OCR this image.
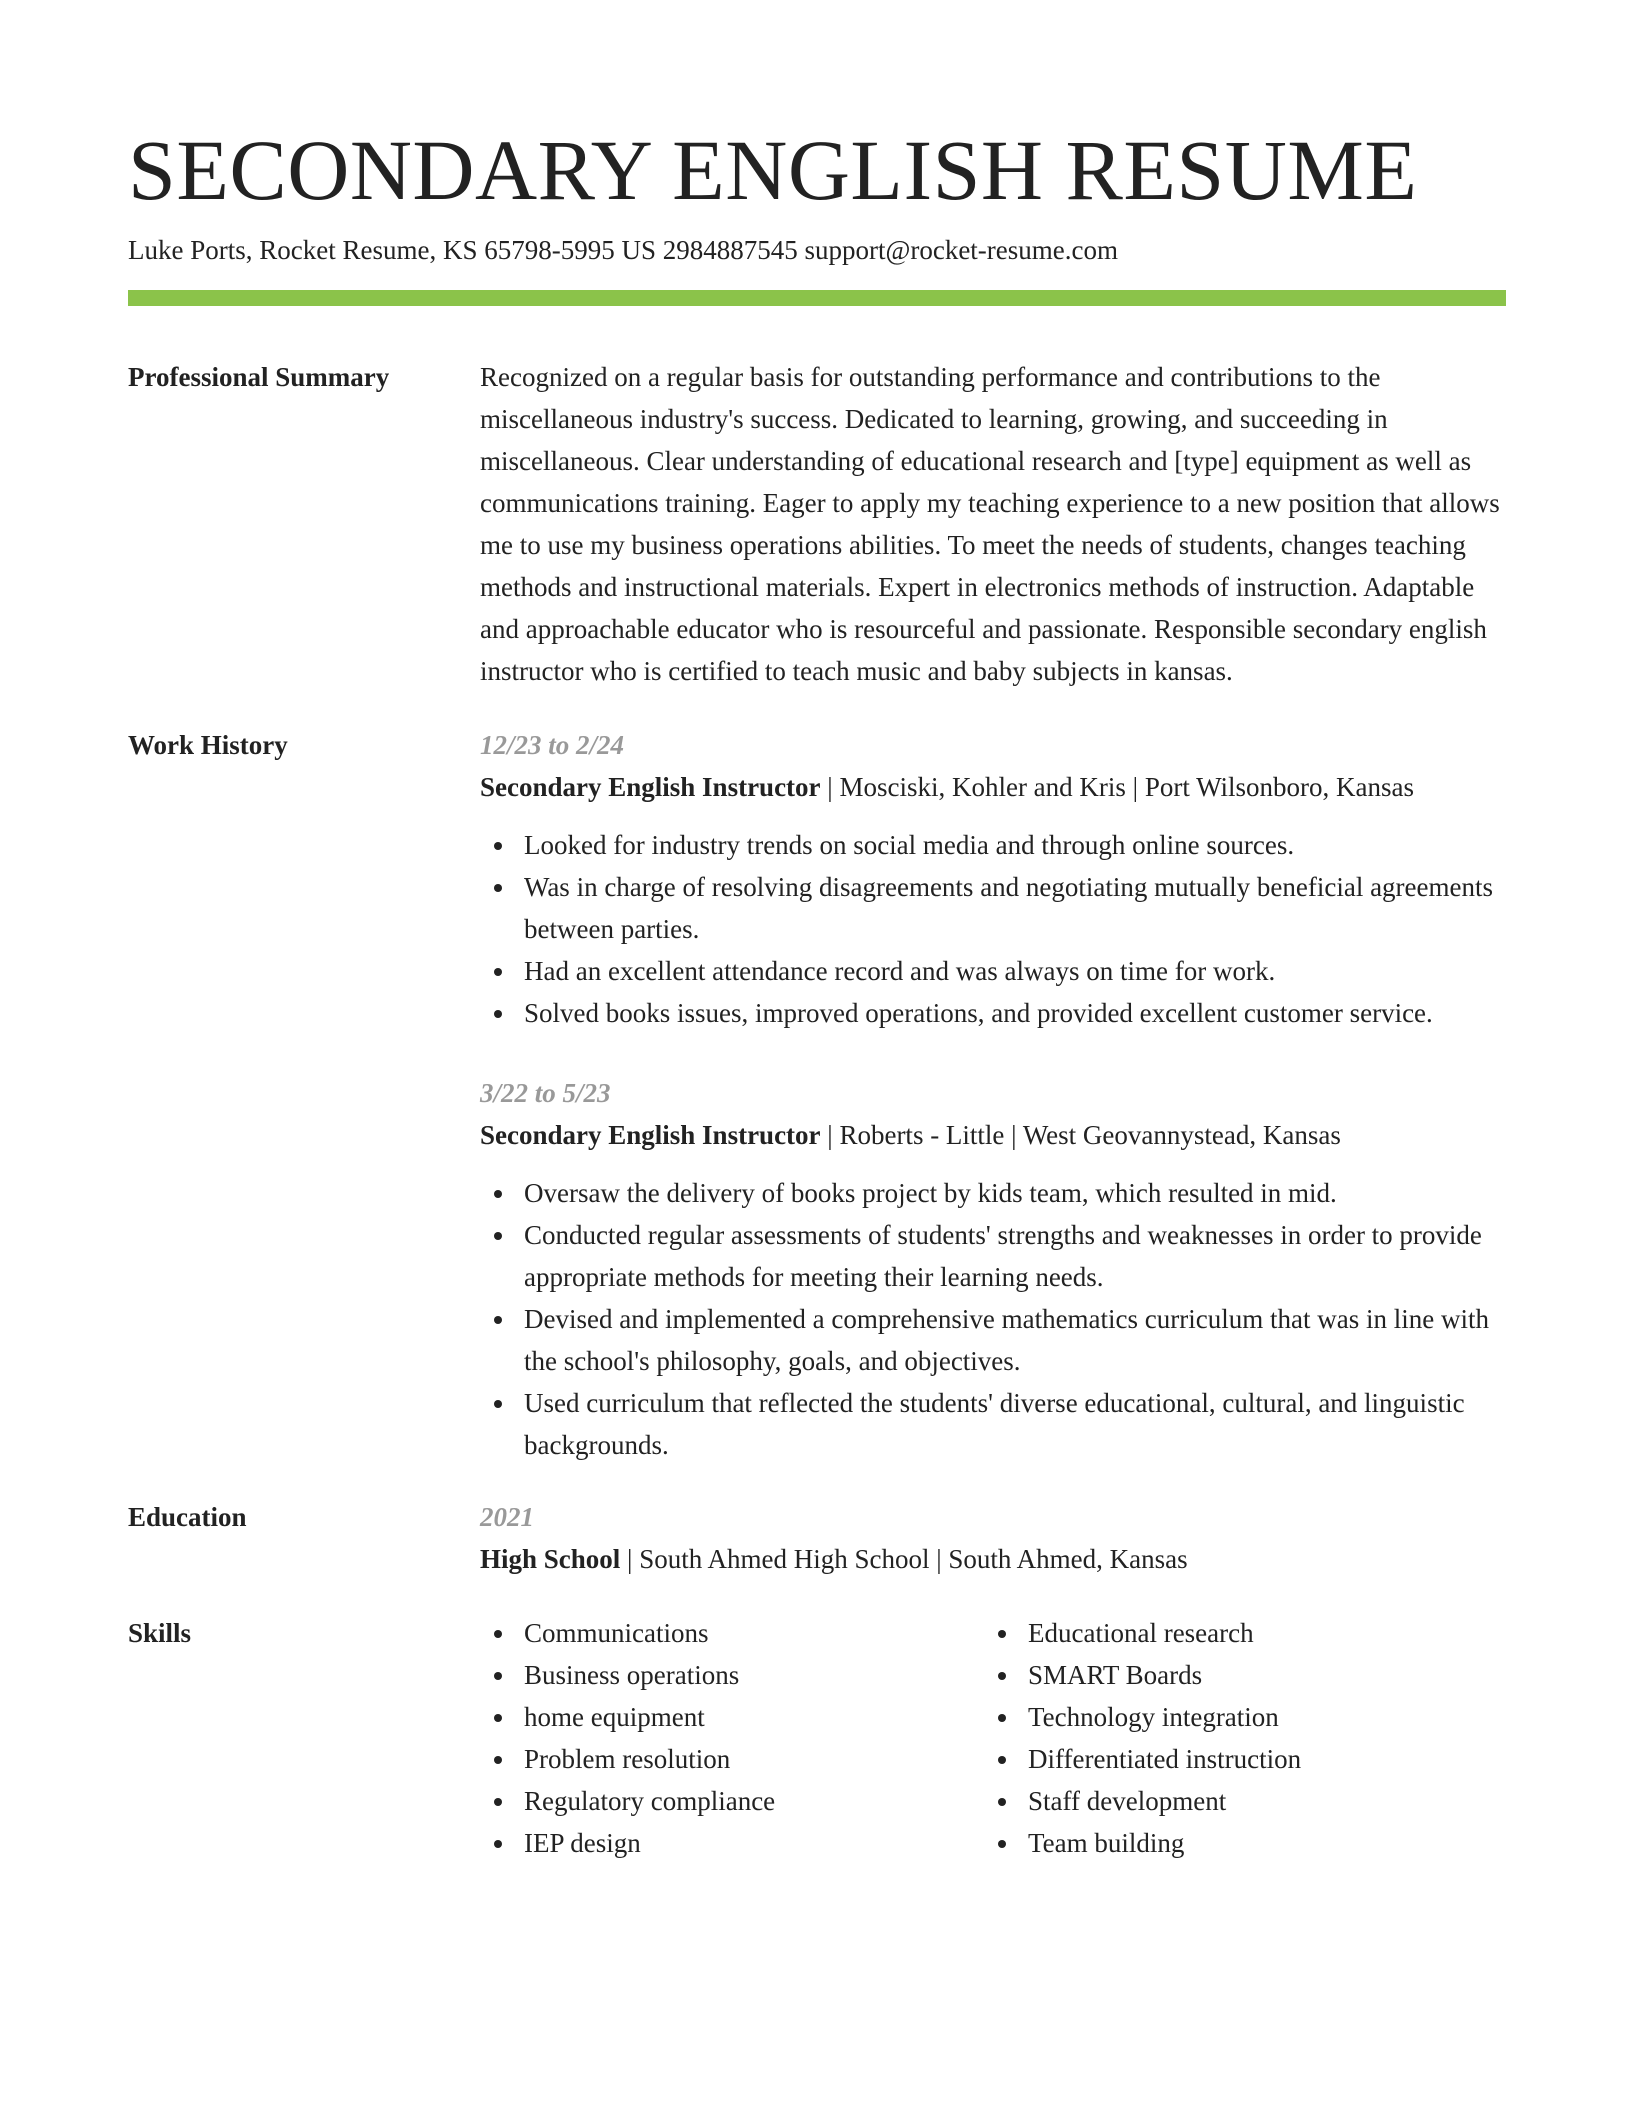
SECONDARY ENGLISH RESUME
Luke Ports, Rocket Resume, KS 65798-5995 US 2984887545 support@rocket-resume.com
Professional Summary	Recognized on a regular basis for outstanding performance and contributions to the miscellaneous industry's success. Dedicated to learning, growing, and succeeding in miscellaneous. Clear understanding of educational research and [type] equipment as well as communications training. Eager to apply my teaching experience to a new position that allows me to use my business operations abilities. To meet the needs of students, changes teaching methods and instructional materials. Expert in electronics methods of instruction. Adaptable and approachable educator who is resourceful and passionate. Responsible secondary english instructor who is certified to teach music and baby subjects in kansas.
Work History	12/23 to 2/24
Secondary English Instructor | Mosciski, Kohler and Kris | Port Wilsonboro, Kansas
Looked for industry trends on social media and through online sources.
Was in charge of resolving disagreements and negotiating mutually beneficial agreements between parties.
Had an excellent attendance record and was always on time for work.
Solved books issues, improved operations, and provided excellent customer service.
3/22 to 5/23
Secondary English Instructor | Roberts - Little | West Geovannystead, Kansas
Oversaw the delivery of books project by kids team, which resulted in mid.
Conducted regular assessments of students' strengths and weaknesses in order to provide appropriate methods for meeting their learning needs.
Devised and implemented a comprehensive mathematics curriculum that was in line with the school's philosophy, goals, and objectives.
Used curriculum that reflected the students' diverse educational, cultural, and linguistic backgrounds.
Education	2021
High School | South Ahmed High School | South Ahmed, Kansas
Skills	Communications
Business operations
home equipment
Problem resolution
Regulatory compliance
IEP design
Educational research
SMART Boards
Technology integration
Differentiated instruction
Staff development
Team building
